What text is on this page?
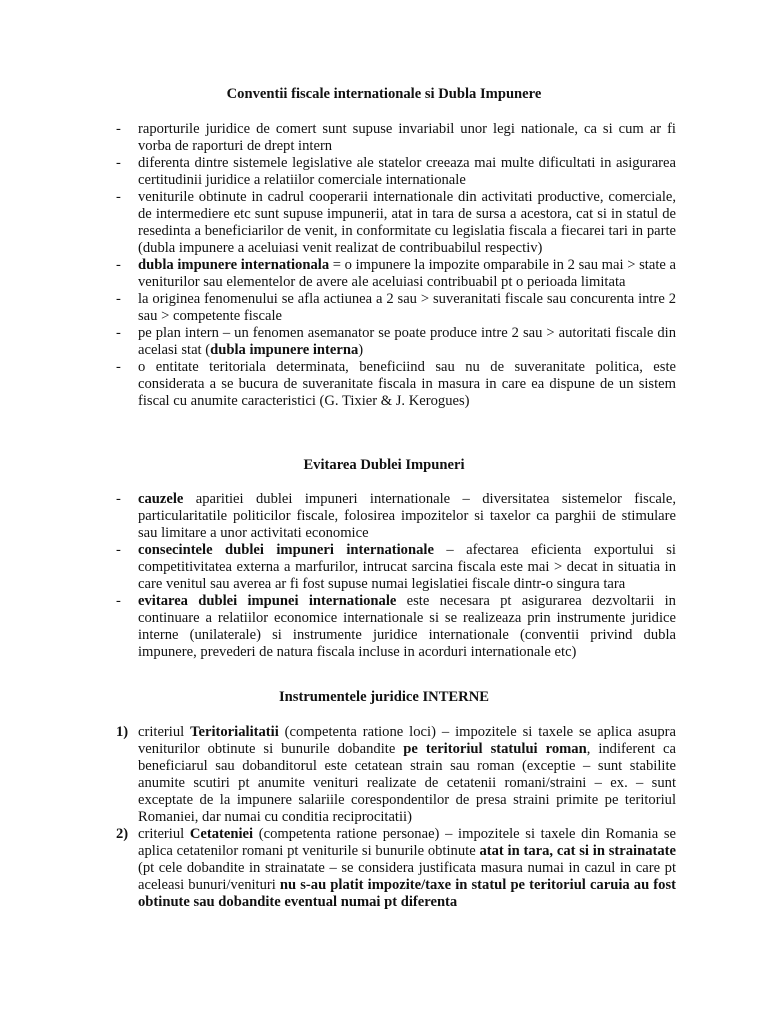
Conventii fiscale internationale si Dubla Impunere
- raporturile juridice de comert sunt supuse invariabil unor legi nationale, ca si cum ar fi vorba de raporturi de drept intern
- diferenta dintre sistemele legislative ale statelor creeaza mai multe dificultati in asigurarea certitudinii juridice a relatiilor comerciale internationale
- veniturile obtinute in cadrul cooperarii internationale din activitati productive, comerciale, de intermediere etc sunt supuse impunerii, atat in tara de sursa a acestora, cat si in statul de resedinta a beneficiarilor de venit, in conformitate cu legislatia fiscala a fiecarei tari in parte (dubla impunere a aceluiasi venit realizat de contribuabilul respectiv)
- dubla impunere internationala = o impunere la impozite omparabile in 2 sau mai > state a veniturilor sau elementelor de avere ale aceluiasi contribuabil pt o perioada limitata
- la originea fenomenului se afla actiunea a 2 sau > suveranitati fiscale sau concurenta intre 2 sau > competente fiscale
- pe plan intern – un fenomen asemanator se poate produce intre 2 sau > autoritati fiscale din acelasi stat (dubla impunere interna)
- o entitate teritoriala determinata, beneficiind sau nu de suveranitate politica, este considerata a se bucura de suveranitate fiscala in masura in care ea dispune de un sistem fiscal cu anumite caracteristici (G. Tixier & J. Kerogues)
Evitarea Dublei Impuneri
- cauzele aparitiei dublei impuneri internationale – diversitatea sistemelor fiscale, particularitatile politicilor fiscale, folosirea impozitelor si taxelor ca parghii de stimulare sau limitare a unor activitati economice
- consecintele dublei impuneri internationale – afectarea eficienta exportului si competitivitatea externa a marfurilor, intrucat sarcina fiscala este mai > decat in situatia in care venitul sau averea ar fi fost supuse numai legislatiei fiscale dintr-o singura tara
- evitarea dublei impunei internationale este necesara pt asigurarea dezvoltarii in continuare a relatiilor economice internationale si se realizeaza prin instrumente juridice interne (unilaterale) si instrumente juridice internationale (conventii privind dubla impunere, prevederi de natura fiscala incluse in acorduri internationale etc)
Instrumentele juridice INTERNE
1) criteriul Teritorialitatii (competenta ratione loci) – impozitele si taxele se aplica asupra veniturilor obtinute si bunurile dobandite pe teritoriul statului roman, indiferent ca beneficiarul sau dobanditorul este cetatean strain sau roman (exceptie – sunt stabilite anumite scutiri pt anumite venituri realizate de cetatenii romani/straini – ex. – sunt exceptate de la impunere salariile corespondentilor de presa straini primite pe teritoriul Romaniei, dar numai cu conditia reciprocitatii)
2) criteriul Cetateniei (competenta ratione personae) – impozitele si taxele din Romania se aplica cetatenilor romani pt veniturile si bunurile obtinute atat in tara, cat si in strainatate (pt cele dobandite in strainatate – se considera justificata masura numai in cazul in care pt aceleasi bunuri/venituri nu s-au platit impozite/taxe in statul pe teritoriul caruia au fost obtinute sau dobandite eventual numai pt diferenta
